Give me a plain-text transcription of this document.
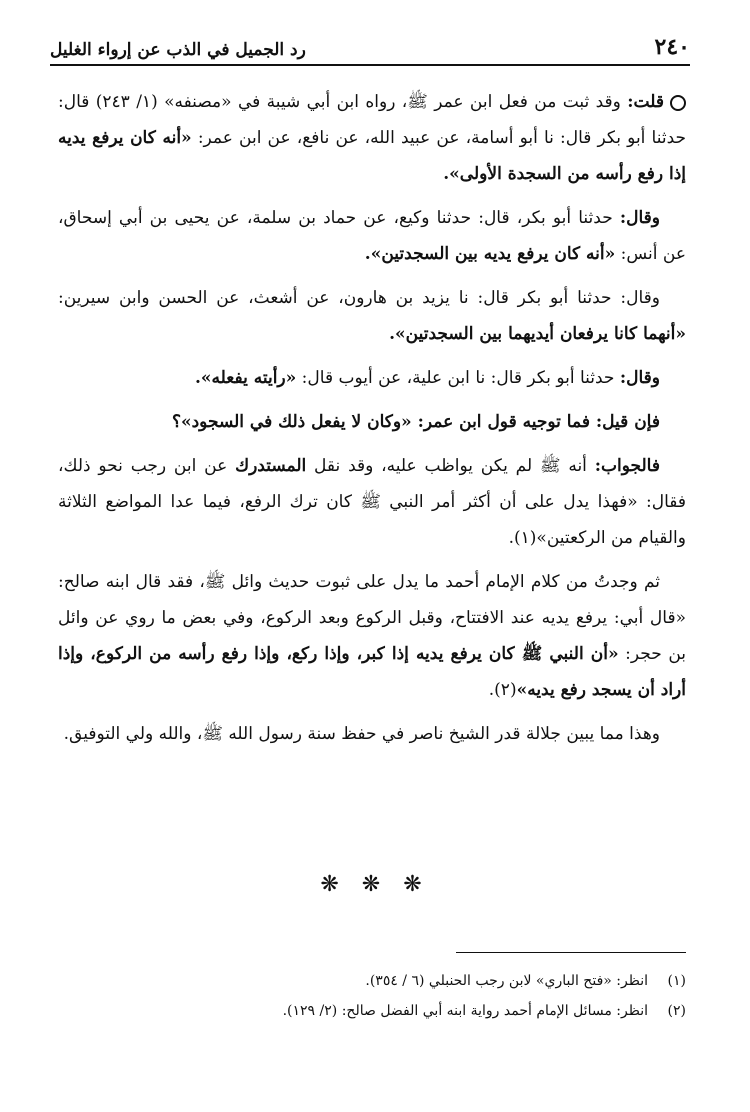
٢٤٠
رد الجميل في الذب عن إرواء الغليل

قلت: وقد ثبت من فعل ابن عمر ﷺ، رواه ابن أبي شيبة في «مصنفه» (١/ ٢٤٣) قال: حدثنا أبو بكر قال: نا أبو أسامة، عن عبيد الله، عن نافع، عن ابن عمر: «أنه كان يرفع يديه إذا رفع رأسه من السجدة الأولى».

وقال: حدثنا أبو بكر، قال: حدثنا وكيع، عن حماد بن سلمة، عن يحيى بن أبي إسحاق، عن أنس: «أنه كان يرفع يديه بين السجدتين».

وقال: حدثنا أبو بكر قال: نا يزيد بن هارون، عن أشعث، عن الحسن وابن سيرين: «أنهما كانا يرفعان أيديهما بين السجدتين».

وقال: حدثنا أبو بكر قال: نا ابن علية، عن أيوب قال: «رأيته يفعله».

فإن قيل: فما توجيه قول ابن عمر: «وكان لا يفعل ذلك في السجود»؟

فالجواب: أنه ﷺ لم يكن يواظب عليه، وقد نقل المستدرك عن ابن رجب نحو ذلك، فقال: «فهذا يدل على أن أكثر أمر النبي ﷺ كان ترك الرفع، فيما عدا المواضع الثلاثة والقيام من الركعتين»(١).

ثم وجدتُ من كلام الإمام أحمد ما يدل على ثبوت حديث وائل ﷺ، فقد قال ابنه صالح: «قال أبي: يرفع يديه عند الافتتاح، وقبل الركوع وبعد الركوع، وفي بعض ما روي عن وائل بن حجر: «أن النبي ﷺ كان يرفع يديه إذا كبر، وإذا ركع، وإذا رفع رأسه من الركوع، وإذا أراد أن يسجد رفع يديه»(٢).

وهذا مما يبين جلالة قدر الشيخ ناصر في حفظ سنة رسول الله ﷺ، والله ولي التوفيق.

❋ ❋ ❋
(١)
انظر: «فتح الباري» لابن رجب الحنبلي (٦ / ٣٥٤).
(٢)
انظر: مسائل الإمام أحمد رواية ابنه أبي الفضل صالح: (٢/ ١٢٩).
